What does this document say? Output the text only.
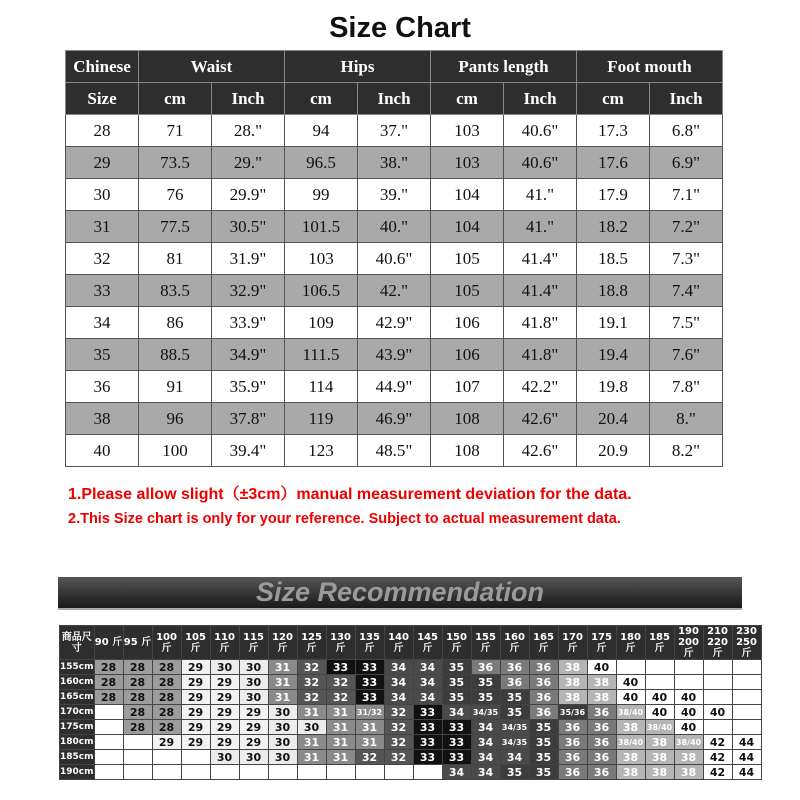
Size Chart
Chinese	Waist		Hips		Pants length		Foot mouth	
Size	cm	Inch	cm	Inch	cm	Inch	cm	Inch
28	71	28."	94	37."	103	40.6"	17.3	6.8"
29	73.5	29."	96.5	38."	103	40.6"	17.6	6.9"
30	76	29.9"	99	39."	104	41."	17.9	7.1"
31	77.5	30.5"	101.5	40."	104	41."	18.2	7.2"
32	81	31.9"	103	40.6"	105	41.4"	18.5	7.3"
33	83.5	32.9"	106.5	42."	105	41.4"	18.8	7.4"
34	86	33.9"	109	42.9"	106	41.8"	19.1	7.5"
35	88.5	34.9"	111.5	43.9"	106	41.8"	19.4	7.6"
36	91	35.9"	114	44.9"	107	42.2"	19.8	7.8"
38	96	37.8"	119	46.9"	108	42.6"	20.4	8."
40	100	39.4"	123	48.5"	108	42.6"	20.9	8.2"
1.Please allow slight（±3cm）manual measurement deviation for the data.
2.This Size chart is only for your reference. Subject to actual measurement data.
Size Recommendation
商品尺寸	90 斤	95 斤	100 斤	105 斤	110 斤	115 斤	120 斤	125 斤	130 斤	135 斤	140 斤	145 斤	150 斤	155 斤	160 斤	165 斤	170 斤	175 斤	180 斤	185 斤	190 200斤	210 220斤	230 250斤
155cm	28	28	28	29	30	30	31	32	33	33	34	34	35	36	36	36	38	40					
160cm	28	28	28	29	29	30	31	32	32	33	34	34	35	35	36	36	38	38	40				
165cm	28	28	28	29	29	30	31	32	32	33	34	34	35	35	35	36	38	38	40	40	40		
170cm		28	28	29	29	29	30	31	31	31/32	32	33	34	34/35	35	36	35/36	36	38/40	40	40	40	
175cm		28	28	29	29	29	30	30	31	31	32	33	33	34	34/35	35	36	36	38	38/40	40		
180cm			29	29	29	29	30	31	31	31	32	33	33	34	34/35	35	36	36	38/40	38	38/40	42	44
185cm					30	30	30	31	31	32	32	33	33	34	34	35	36	36	38	38	38	42	44
190cm													34	34	35	35	36	36	38	38	38	42	44
